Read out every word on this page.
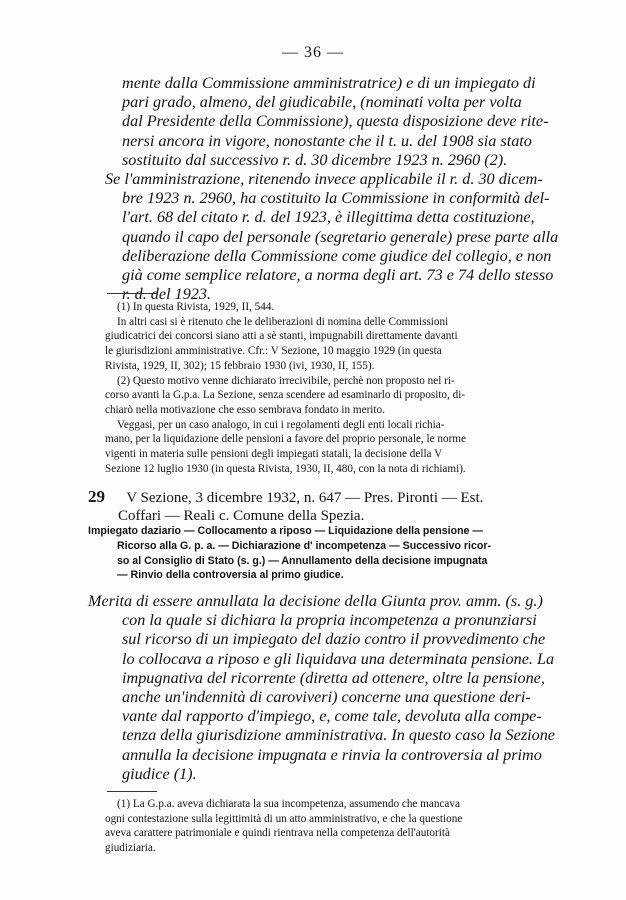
— 36 —
mente dalla Commissione amministratrice) e di un impiegato di
pari grado, almeno, del giudicabile, (nominati volta per volta
dal Presidente della Commissione), questa disposizione deve rite-
nersi ancora in vigore, nonostante che il t. u. del 1908 sia stato
sostituito dal successivo r. d. 30 dicembre 1923 n. 2960 (2).
Se l'amministrazione, ritenendo invece applicabile il r. d. 30 dicem-
bre 1923 n. 2960, ha costituito la Commissione in conformità del-
l'art. 68 del citato r. d. del 1923, è illegittima detta costituzione,
quando il capo del personale (segretario generale) prese parte alla
deliberazione della Commissione come giudice del collegio, e non
già come semplice relatore, a norma degli art. 73 e 74 dello stesso
r. d. del 1923.
(1) In questa Rivista, 1929, II, 544.
In altri casi si è ritenuto che le deliberazioni di nomina delle Commissioni
giudicatrici dei concorsi siano atti a sè stanti, impugnabili direttamente davanti
le giurisdizioni amministrative. Cfr.: V Sezione, 10 maggio 1929 (in questa
Rivista, 1929, II, 302); 15 febbraio 1930 (ivi, 1930, II, 155).
(2) Questo motivo venne dichiarato irrecivibile, perchè non proposto nel ri-
corso avanti la G.p.a. La Sezione, senza scendere ad esaminarlo di proposito, di-
chiarò nella motivazione che esso sembrava fondato in merito.
Veggasi, per un caso analogo, in cui i regolamenti degli enti locali richia-
mano, per la liquidazione delle pensioni a favore del proprio personale, le norme
vigenti in materia sulle pensioni degli impiegati statali, la decisione della V
Sezione 12 luglio 1930 (in questa Rivista, 1930, II, 480, con la nota di richiami).
29 V Sezione, 3 dicembre 1932, n. 647 — Pres. Pironti — Est.
Coffari — Reali c. Comune della Spezia.
Impiegato daziario — Collocamento a riposo — Liquidazione della pensione —
Ricorso alla G. p. a. — Dichiarazione d' incompetenza — Successivo ricor-
so al Consiglio di Stato (s. g.) — Annullamento della decisione impugnata
— Rinvio della controversia al primo giudice.
Merita di essere annullata la decisione della Giunta prov. amm. (s. g.)
con la quale si dichiara la propria incompetenza a pronunziarsi
sul ricorso di un impiegato del dazio contro il provvedimento che
lo collocava a riposo e gli liquidava una determinata pensione. La
impugnativa del ricorrente (diretta ad ottenere, oltre la pensione,
anche un'indennità di caroviveri) concerne una questione deri-
vante dal rapporto d'impiego, e, come tale, devoluta alla compe-
tenza della giurisdizione amministrativa. In questo caso la Sezione
annulla la decisione impugnata e rinvia la controversia al primo
giudice (1).
(1) La G.p.a. aveva dichiarata la sua incompetenza, assumendo che mancava
ogni contestazione sulla legittimità di un atto amministrativo, e che la questione
aveva carattere patrimoniale e quindi rientrava nella competenza dell'autorità
giudiziaria.
